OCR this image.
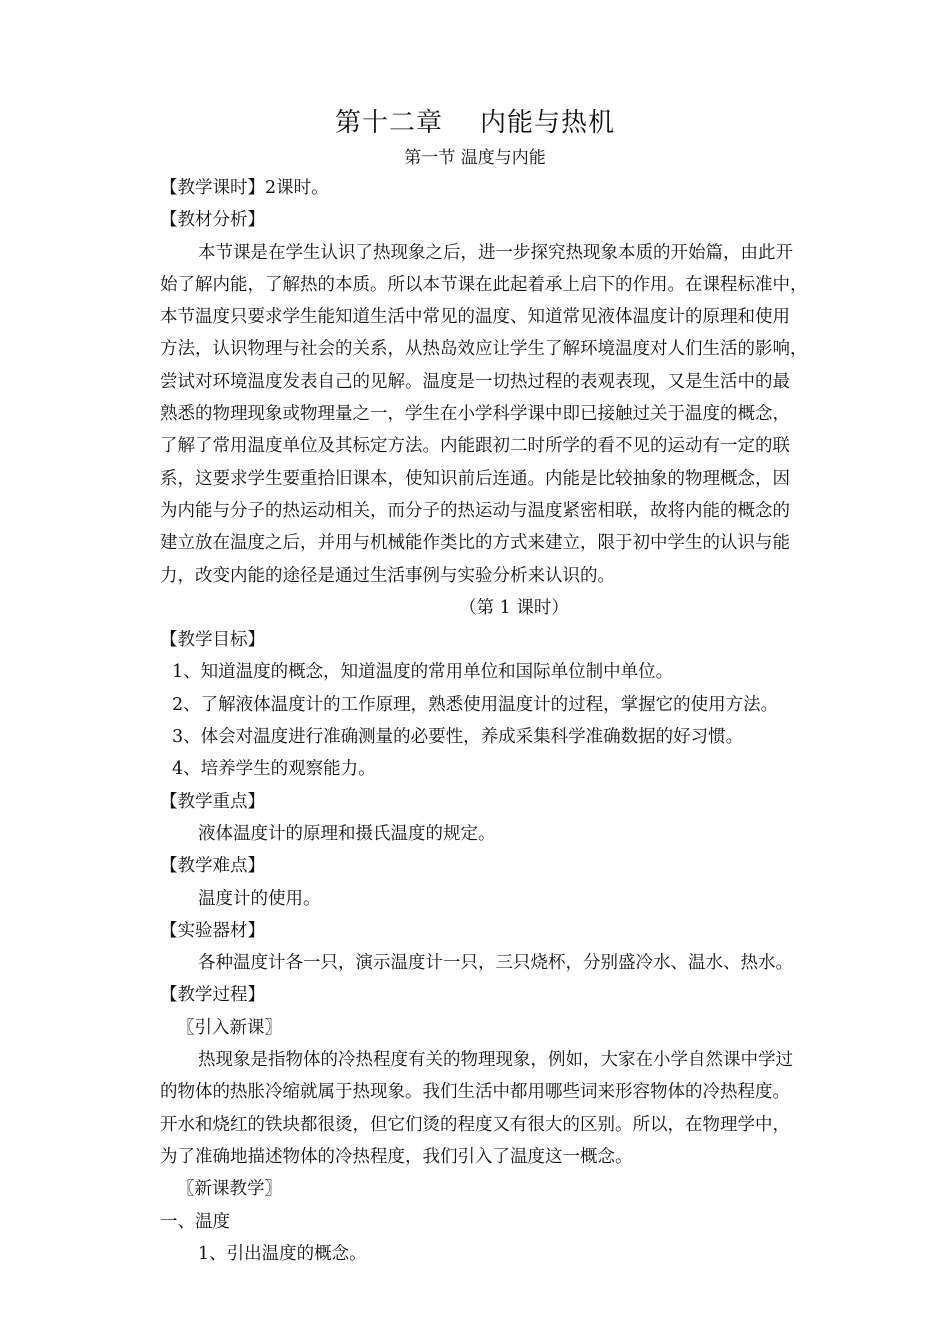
第十二章    内能与热机
第一节 温度与内能
【教学课时】2课时。
【教材分析】
本节课是在学生认识了热现象之后，进一步探究热现象本质的开始篇，由此开
始了解内能，了解热的本质。所以本节课在此起着承上启下的作用。在课程标准中，
本节温度只要求学生能知道生活中常见的温度、知道常见液体温度计的原理和使用
方法，认识物理与社会的关系，从热岛效应让学生了解环境温度对人们生活的影响，
尝试对环境温度发表自己的见解。温度是一切热过程的表观表现，又是生活中的最
熟悉的物理现象或物理量之一，学生在小学科学课中即已接触过关于温度的概念，
了解了常用温度单位及其标定方法。内能跟初二时所学的看不见的运动有一定的联
系，这要求学生要重拾旧课本，使知识前后连通。内能是比较抽象的物理概念，因
为内能与分子的热运动相关，而分子的热运动与温度紧密相联，故将内能的概念的
建立放在温度之后，并用与机械能作类比的方式来建立，限于初中学生的认识与能
力，改变内能的途径是通过生活事例与实验分析来认识的。
（第 1 课时）
【教学目标】
1、知道温度的概念，知道温度的常用单位和国际单位制中单位。
2、了解液体温度计的工作原理，熟悉使用温度计的过程，掌握它的使用方法。
3、体会对温度进行准确测量的必要性，养成采集科学准确数据的好习惯。
4、培养学生的观察能力。
【教学重点】
液体温度计的原理和摄氏温度的规定。
【教学难点】
温度计的使用。
【实验器材】
各种温度计各一只，演示温度计一只，三只烧杯，分别盛冷水、温水、热水。
【教学过程】
〖引入新课〗
热现象是指物体的冷热程度有关的物理现象，例如，大家在小学自然课中学过
的物体的热胀冷缩就属于热现象。我们生活中都用哪些词来形容物体的冷热程度。
开水和烧红的铁块都很烫，但它们烫的程度又有很大的区别。所以，在物理学中，
为了准确地描述物体的冷热程度，我们引入了温度这一概念。
〖新课教学〗
一、温度
1、引出温度的概念。
